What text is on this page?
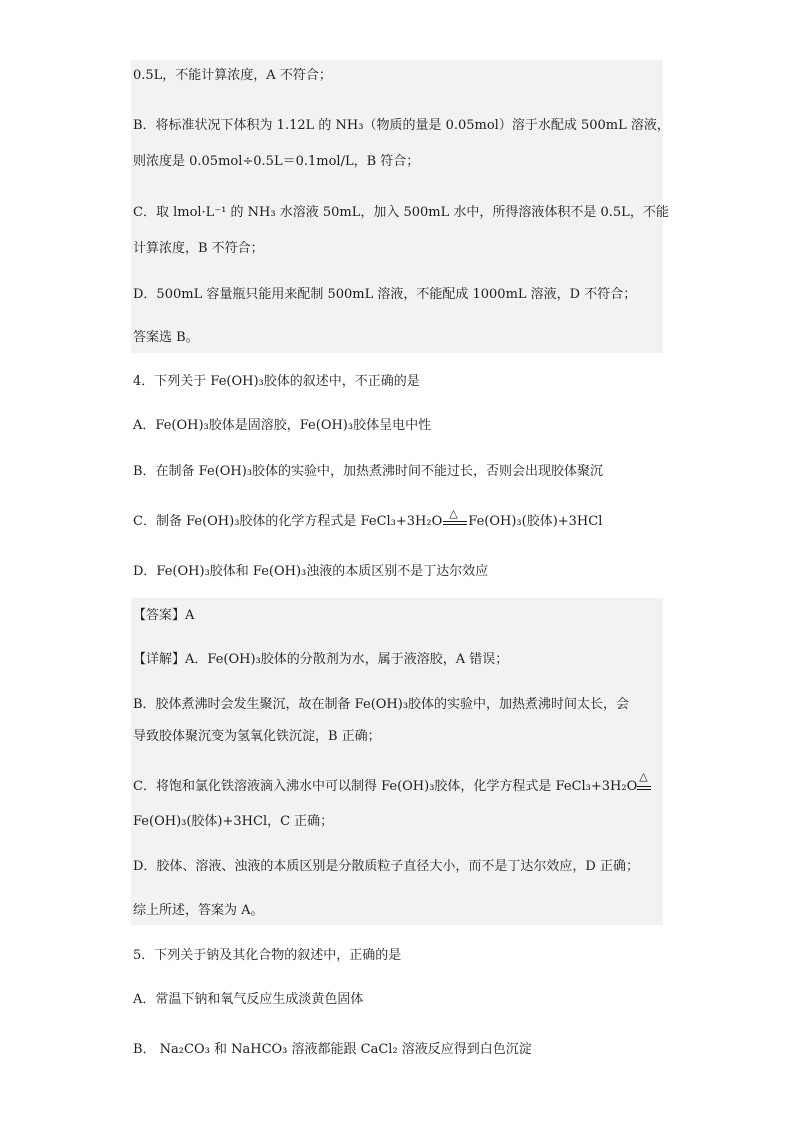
0.5L，不能计算浓度，A 不符合；
B．将标准状况下体积为 1.12L 的 NH₃（物质的量是 0.05mol）溶于水配成 500mL 溶液，
则浓度是 0.05mol÷0.5L＝0.1mol/L，B 符合；
C．取 lmol·L⁻¹ 的 NH₃ 水溶液 50mL，加入 500mL 水中，所得溶液体积不是 0.5L，不能
计算浓度，B 不符合；
D．500mL 容量瓶只能用来配制 500mL 溶液，不能配成 1000mL 溶液，D 不符合；
答案选 B。
4．下列关于 Fe(OH)₃胶体的叙述中，不正确的是
A．Fe(OH)₃胶体是固溶胶，Fe(OH)₃胶体呈电中性
B．在制备 Fe(OH)₃胶体的实验中，加热煮沸时间不能过长，否则会出现胶体聚沉
C．制备 Fe(OH)₃胶体的化学方程式是 FeCl₃+3H₂O
△
Fe(OH)₃(胶体)+3HCl
D．Fe(OH)₃胶体和 Fe(OH)₃浊液的本质区别不是丁达尔效应
【答案】A
【详解】A．Fe(OH)₃胶体的分散剂为水，属于液溶胶，A 错误；
B．胶体煮沸时会发生聚沉，故在制备 Fe(OH)₃胶体的实验中，加热煮沸时间太长，会
导致胶体聚沉变为氢氧化铁沉淀，B 正确；
C．将饱和氯化铁溶液滴入沸水中可以制得 Fe(OH)₃胶体，化学方程式是 FeCl₃+3H₂O
△
Fe(OH)₃(胶体)+3HCl，C 正确；
D．胶体、溶液、浊液的本质区别是分散质粒子直径大小，而不是丁达尔效应，D 正确；
综上所述，答案为 A。
5．下列关于钠及其化合物的叙述中，正确的是
A．常温下钠和氧气反应生成淡黄色固体
B． Na₂CO₃ 和 NaHCO₃ 溶液都能跟 CaCl₂ 溶液反应得到白色沉淀
